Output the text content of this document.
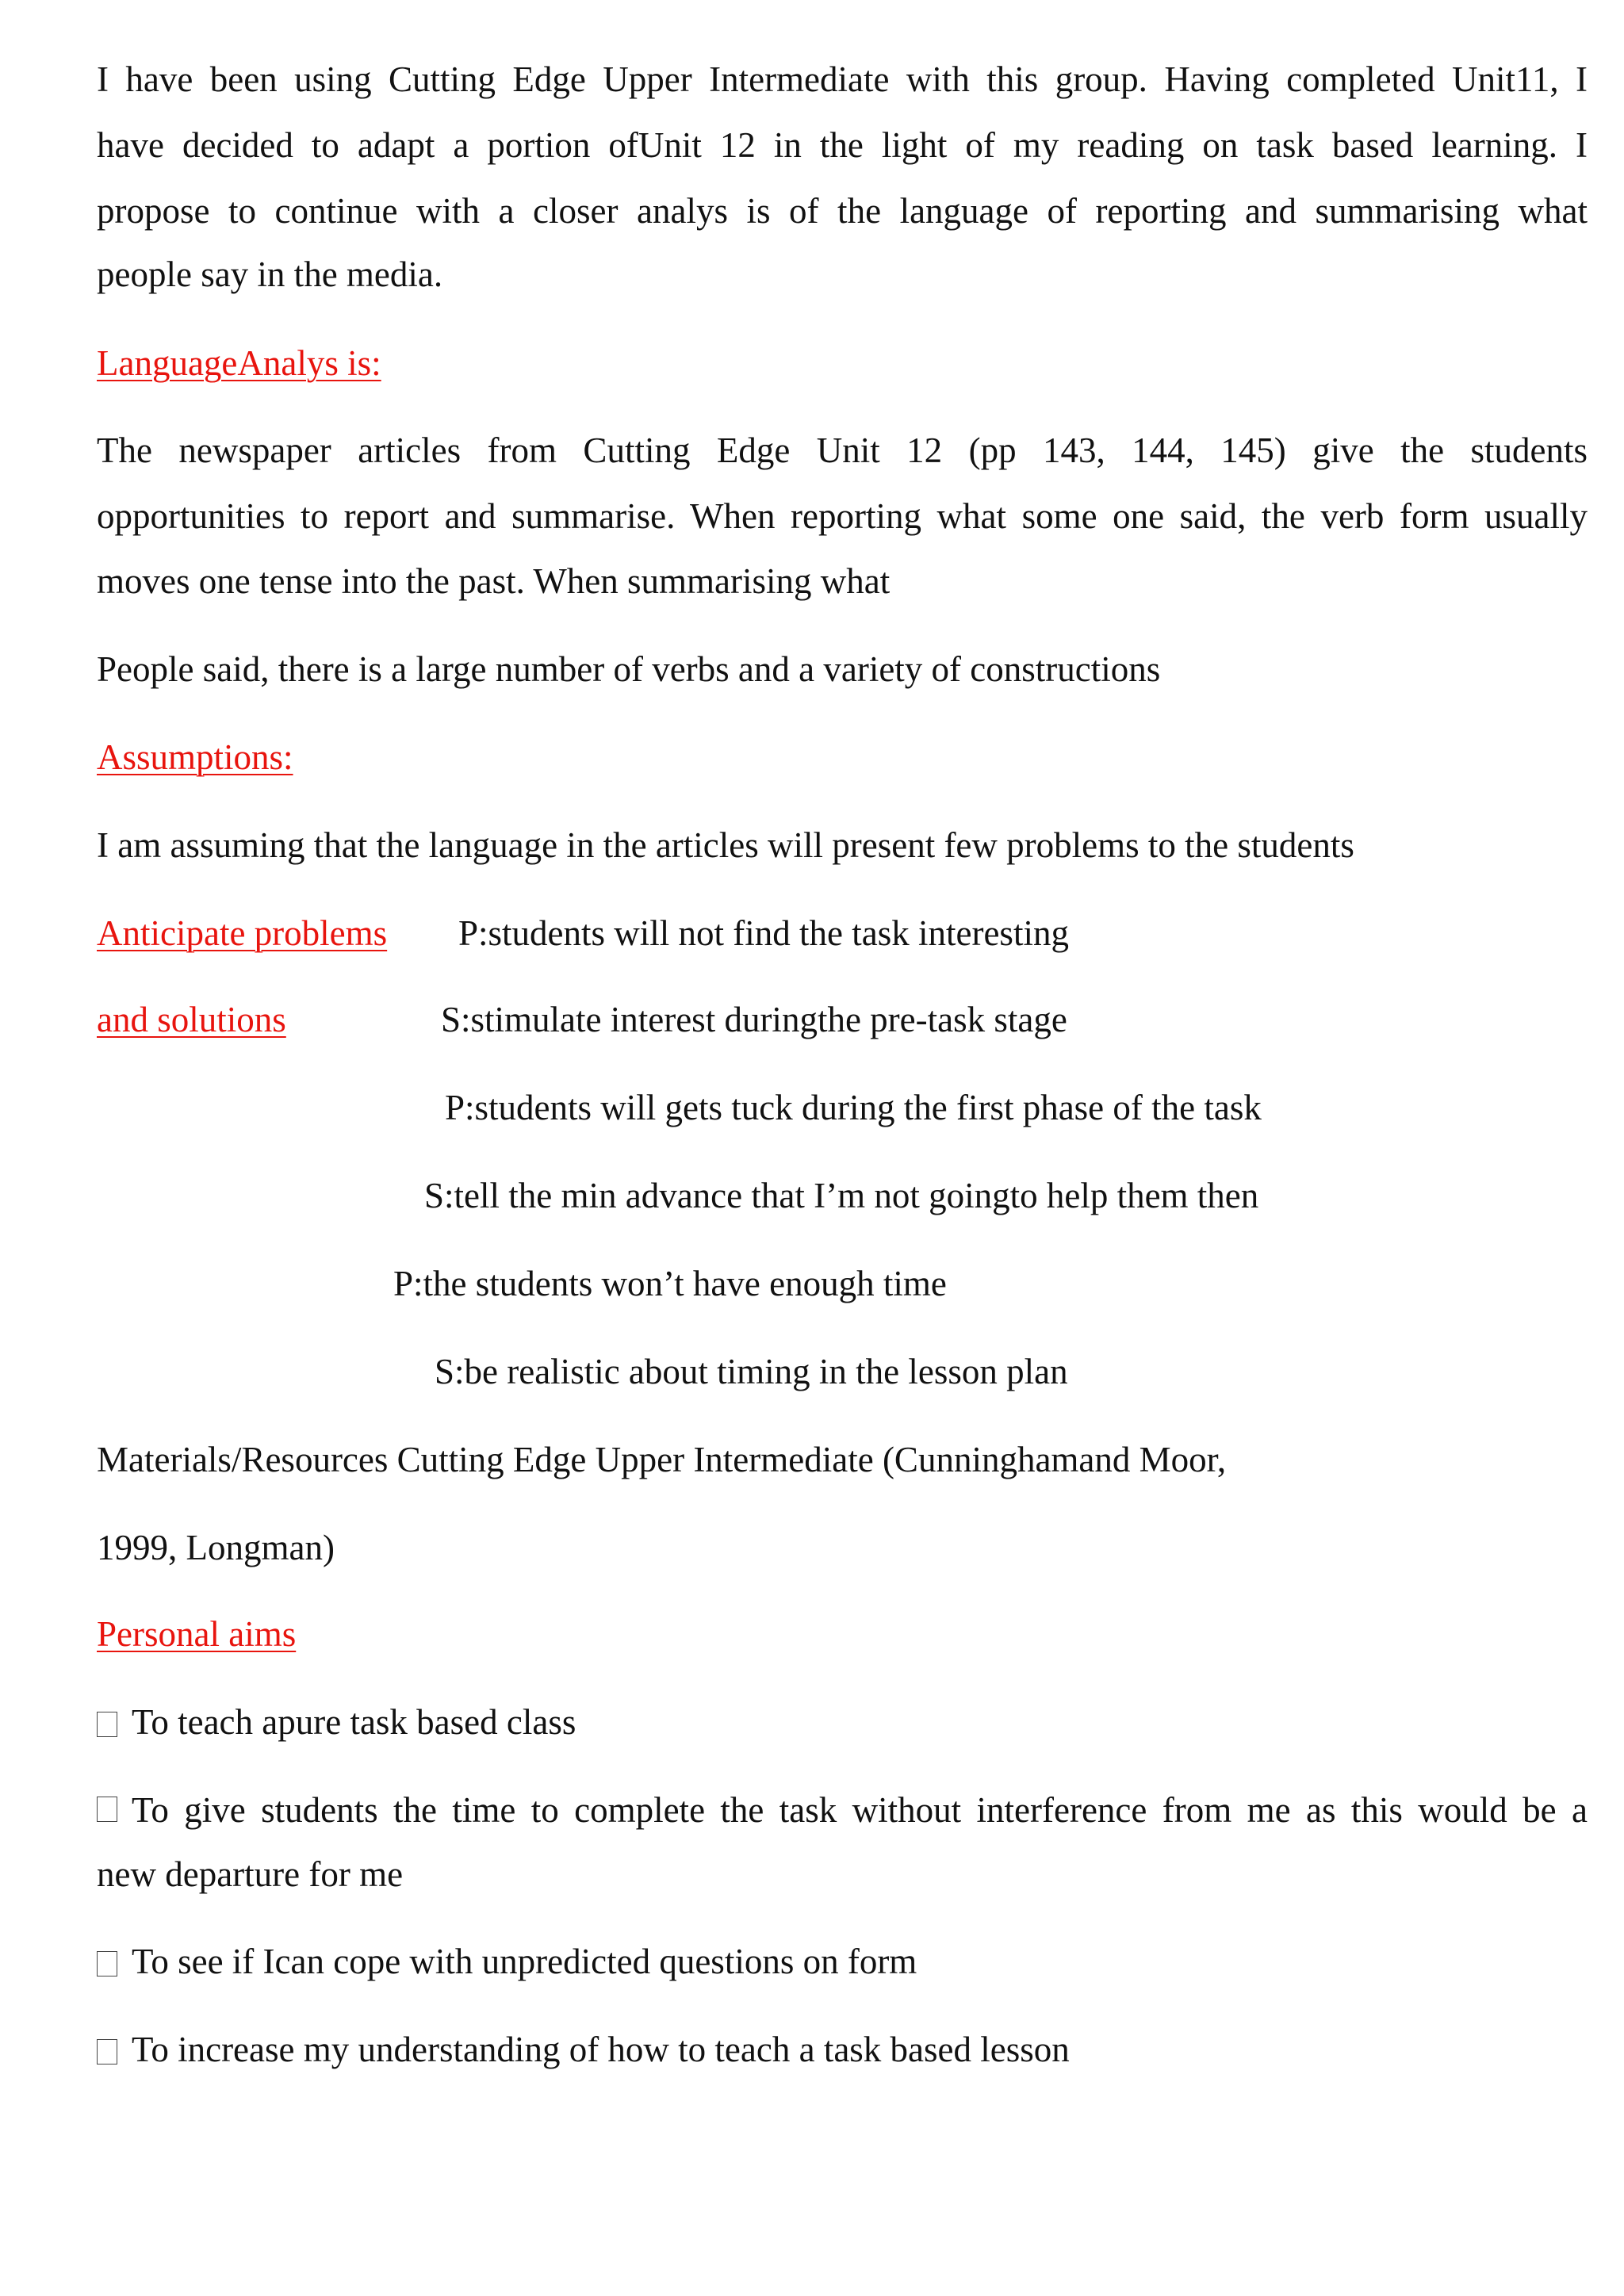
I have been using Cutting Edge Upper Intermediate with this group. Having completed Unit11, I

have decided to adapt a portion ofUnit 12 in the light of my reading on task based learning. I

propose to continue with a closer analys is of the language of reporting and summarising what

people say in the media.

LanguageAnalys is:

The newspaper articles from Cutting Edge Unit 12 (pp 143, 144, 145) give the students

opportunities to report and summarise. When reporting what some one said, the verb form usually

moves one tense into the past. When summarising what

People said, there is a large number of verbs and a variety of constructions

Assumptions:

I am assuming that the language in the articles will present few problems to the students

Anticipate problems P:students will not find the task interesting

and solutions	S:stimulate interest duringthe pre-task stage

P:students will gets tuck during the first phase of the task

S:tell the min advance that I’m not goingto help them then

P:the students won’t have enough time

S:be realistic about timing in the lesson plan

Materials/Resources Cutting Edge Upper Intermediate (Cunninghamand Moor,

1999, Longman)

Personal aims

To teach apure task based class

To give students the time to complete the task without interference from me as this would be a

new departure for me

To see if Ican cope with unpredicted questions on form

To increase my understanding of how to teach a task based lesson
